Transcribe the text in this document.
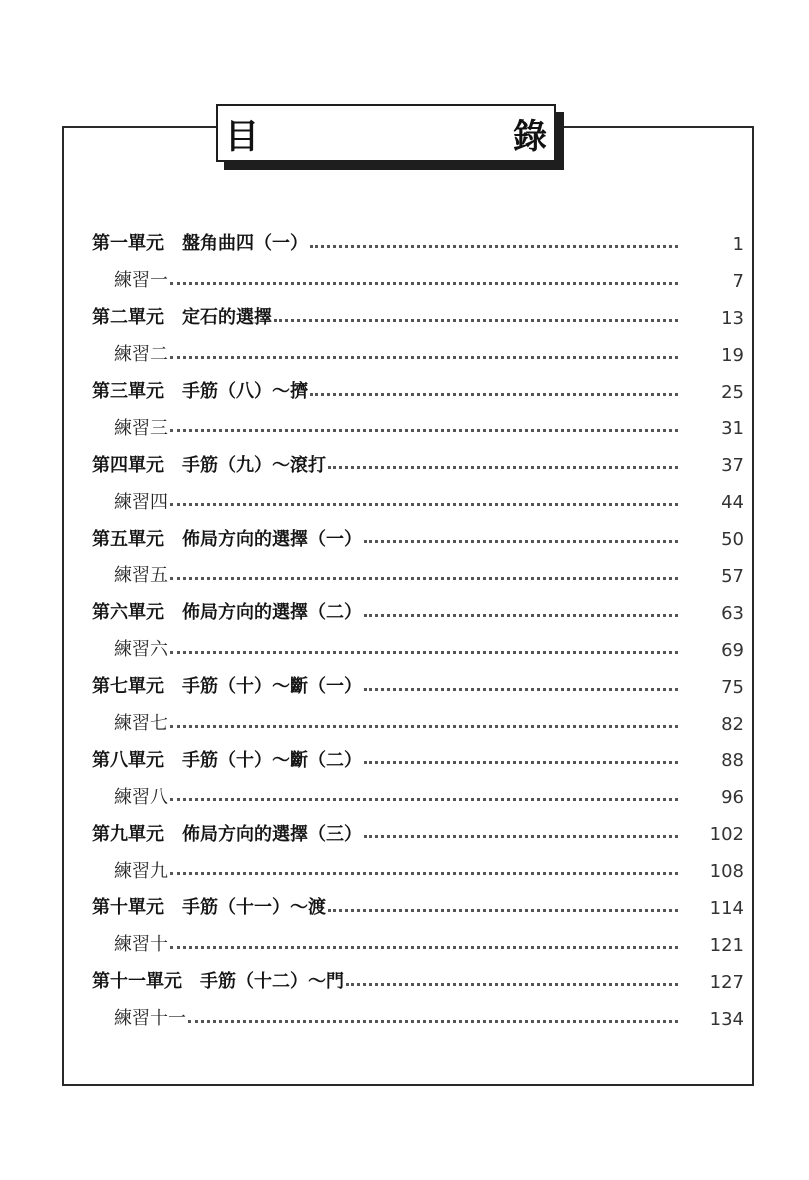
目　　錄
第一單元　盤角曲四（一）	1
練習一	7
第二單元　定石的選擇	13
練習二	19
第三單元　手筋（八）～擠	25
練習三	31
第四單元　手筋（九）～滾打	37
練習四	44
第五單元　佈局方向的選擇（一）	50
練習五	57
第六單元　佈局方向的選擇（二）	63
練習六	69
第七單元　手筋（十）～斷（一）	75
練習七	82
第八單元　手筋（十）～斷（二）	88
練習八	96
第九單元　佈局方向的選擇（三）	102
練習九	108
第十單元　手筋（十一）～渡	114
練習十	121
第十一單元　手筋（十二）～門	127
練習十一	134
